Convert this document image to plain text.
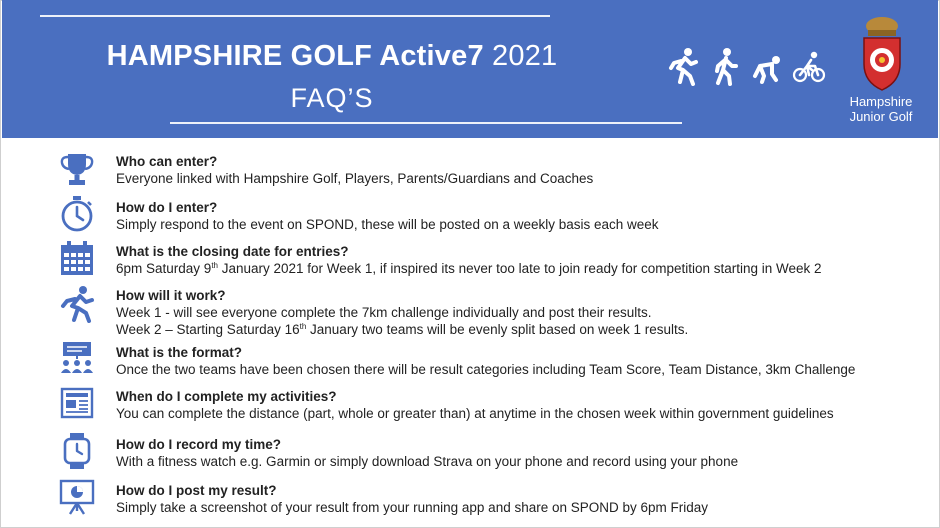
HAMPSHIRE GOLF Active7 2021
FAQ’S	Hampshire
Junior Golf
Who can enter?
Everyone linked with Hampshire Golf, Players, Parents/Guardians and Coaches
How do I enter?
Simply respond to the event on SPOND, these will be posted on a weekly basis each week
What is the closing date for entries?
6pm Saturday 9th January 2021 for Week 1, if inspired its never too late to join ready for competition starting in Week 2
How will it work?
Week 1 - will see everyone complete the 7km challenge individually and post their results.
Week 2 – Starting Saturday 16th January two teams will be evenly split based on week 1 results.
What is the format?
Once the two teams have been chosen there will be result categories including Team Score, Team Distance, 3km Challenge
When do I complete my activities?
You can complete the distance (part, whole or greater than) at anytime in the chosen week within government guidelines
How do I record my time?
With a fitness watch e.g. Garmin or simply download Strava on your phone and record using your phone
How do I post my result?
Simply take a screenshot of your result from your running app and share on SPOND by 6pm Friday
